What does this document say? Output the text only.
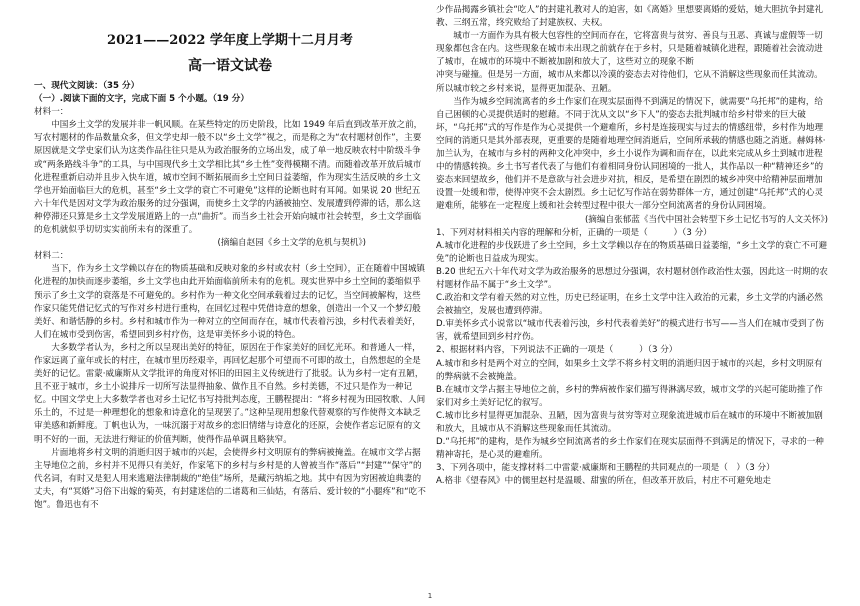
2021——2022 学年度上学期十二月月考

高一语文试卷

一、现代文阅读：（35 分）

（一）.阅读下面的文字，完成下面 5 个小题。（19 分）

材料一：

中国乡土文学的发展并非一帆风顺。在某些特定的历史阶段，比如 1949 年后直到改革开放之前，写农村题材的作品数量众多，但文学史却一般不以“乡土文学”视之，而是称之为“农村题材创作”，主要原因就是文学史家们认为这类作品往往只是从为政治服务的立场出发，成了单一地反映农村中阶级斗争或“两条路线斗争”的工具，与中国现代乡土文学相比其“乡土性”变得模糊不清。而随着改革开放后城市化进程重新启动并且步入快车道，城市空间不断拓展而乡土空间日益萎缩，作为现实生活反映的乡土文学也开始面临巨大的危机，甚至“乡土文学的衰亡不可避免”这样的论断也时有耳闻。如果说 20 世纪五六十年代是因对文学为政治服务的过分强调，而使乡土文学的内涵被抽空、发展遭到停滞的话，那么这种停滞还只算是乡土文学发展道路上的一点“曲折”。而当乡土社会开始向城市社会转型，乡土文学面临的危机就似乎切切实实前所未有的深重了。

(摘编自赵园《乡土文学的危机与契机》)

材料二：

当下，作为乡土文学赖以存在的物质基础和反映对象的乡村或农村（乡土空间），正在随着中国城镇化进程的加快而逐步萎缩，乡土文学也由此开始面临前所未有的危机。现实世界中乡土空间的萎缩似乎预示了乡土文学的衰落是不可避免的。乡村作为一种文化空间承载着过去的记忆，当空间被解构，这些作家只能凭借记忆式的写作对乡村进行重构，在回忆过程中凭借诗意的想象，创造出一个又一个梦幻般美好、和谐恬静的乡村。乡村和城市作为一种对立的空间而存在，城市代表着污浊，乡村代表着美好，人们在城市受到伤害，希望回到乡村疗伤，这是审美怀乡小说的特色。

大多数学者认为，乡村之所以呈现出美好的特征，原因在于作家美好的回忆光环。和普通人一样，作家远离了童年或长的村庄，在城市里历经艰辛，再回忆起那个可望而不可即的故土，自然想起的全是美好的记忆。雷蒙·威廉斯从文学批评的角度对怀旧的田园主义传统进行了批驳。认为乡村一定有丑陋，且不亚于城市，乡土小说排斥一切所写法显得抽象、做作且不自然。乡村美德，不过只是作为一种记忆。中国文学史上大多数学者也对乡土记忆书写持批判态度，王鹏程提出：“将乡村视为田园牧歌、人间乐土的，不过是一种理想化的想象和诗意化的呈现罢了。”这种呈现用想象代替观察的写作使得文本缺乏审美感和新鲜度。丁帆也认为，一味沉溺于对故乡的恋旧情绪与诗意化的还原，会使作者忘记原有的文明不好的一面，无法进行辩证的价值判断，使得作品单调且略狭窄。

片面地将乡村文明的消逝归因于城市的兴起，会使得乡村文明原有的弊病被掩盖。在城市文学占据主导地位之前，乡村并不见得只有美好，作家笔下的乡村与乡村是的人曾被当作“落后”“封建”“保守”的代名词，有时又是犯人用来逃避法律制裁的“绝佳”场所，是藏污纳垢之地。其中有因为穷困被迫典妻的丈夫，有“冥婚”习俗下出嫁的菊英，有封建迷信的二诸葛和三仙姑，有落后、爱计较的“小腿疼”和“吃不饱”。鲁迅也有不

少作品揭露乡镇社会“吃人”的封建礼教对人的迫害，如《离婚》里想要离婚的爱姑，她大胆抗争封建礼教、三纲五常，终究败给了封建族权、夫权。

城市一方面作为具有极大包容性的空间而存在，它将富贵与贫穷、善良与丑恶、真诚与虚假等一切现象都包含在内。这些现象在城市未出现之前就存在于乡村，只是随着城镇化进程，跟随着社会流动进了城市，在城市的环境中不断被加剧和放大了，这些对立的现象不断

冲突与碰撞。但是另一方面，城市从来都以冷漠的姿态去对待他们，它从不消解这些现象而任其流动。所以城市较之乡村来说，显得更加混杂、丑陋。

当作为城乡空间流离者的乡土作家们在现实层面得不到满足的情况下，就需要“乌托邦”的建构，给自己困顿的心灵提供适时的慰藉。不同于沈从文以“乡下人”的姿态去批判城市给乡村带来的巨大破坏，“乌托邦”式的写作是作为心灵提供一个避难所，乡村是连接现实与过去的情感纽带，乡村作为地理空间的消逝只是其外部表现，更重要的是随着地理空间消逝后，空间所承载的情感也随之消逝。赫姆林·加兰认为，在城市与乡村的两种文化冲突中，乡土小说作为调和而存在，以此来完成从乡土到城市进程中的情感转换。乡土书写者代表了与他们有着相同身份认同困境的一批人，其作品以一种“精神还乡”的姿态来回望故乡，他们并不是意欲与社会进步对抗，相反，是希望在剧烈的城乡冲突中给精神层面增加设置一处缓和带，使得冲突不会太剧烈。乡土记忆写作站在弱势群体一方，通过创建“乌托邦”式的心灵避难所，能够在一定程度上缓和社会转型过程中很大一部分空间流离者的身份认同困境。

(摘编自张郁蓝《当代中国社会转型下乡土记忆书写的人文关怀》)

1、下列对材料相关内容的理解和分析，正确的一项是（　　　）（3 分）

A.城市化进程的步伐跃进了乡土空间，乡土文学赖以存在的物质基础日益萎缩，“乡土文学的衰亡不可避免”的论断也日益成为现实。

B.20 世纪五六十年代对文学为政治服务的思想过分强调，农村题材创作政治性太强，因此这一时期的农村题材作品不属于“乡土文学”。

C.政治和文学有着天然的对立性，历史已经证明，在乡土文学中注入政治的元素，乡土文学的内涵必然会被抽空，发展也遭到停滞。

D.审美怀乡式小说常以“城市代表着污浊，乡村代表着美好”的模式进行书写——当人们在城市受到了伤害，就希望回到乡村疗伤。

2、根据材料内容，下列说法不正确的一项是（　　　）（3 分）

A.城市和乡村是两个对立的空间，如果乡土文学不将乡村文明的消逝归因于城市的兴起，乡村文明原有的弊病就不会被掩盖。

B.在城市文学占据主导地位之前，乡村的弊病被作家们描写得淋漓尽致，城市文学的兴起可能助推了作家们对乡土美好记忆的叙写。

C.城市比乡村显得更加混杂、丑陋，因为富贵与贫穷等对立现象流进城市后在城市的环境中不断被加剧和放大，且城市从不消解这些现象而任其流动。

D.“乌托邦”的建构，是作为城乡空间流离者的乡土作家们在现实层面得不到满足的情况下，寻求的一种精神寄托，是心灵的避难所。

3、下列各项中，能支撑材料二中雷蒙·威廉斯和王鹏程的共同观点的一项是（　）（3 分）

A.格非《望春风》中的儒里赵村是温暖、甜蜜的所在，但改革开放后，村庄不可避免地走

1
